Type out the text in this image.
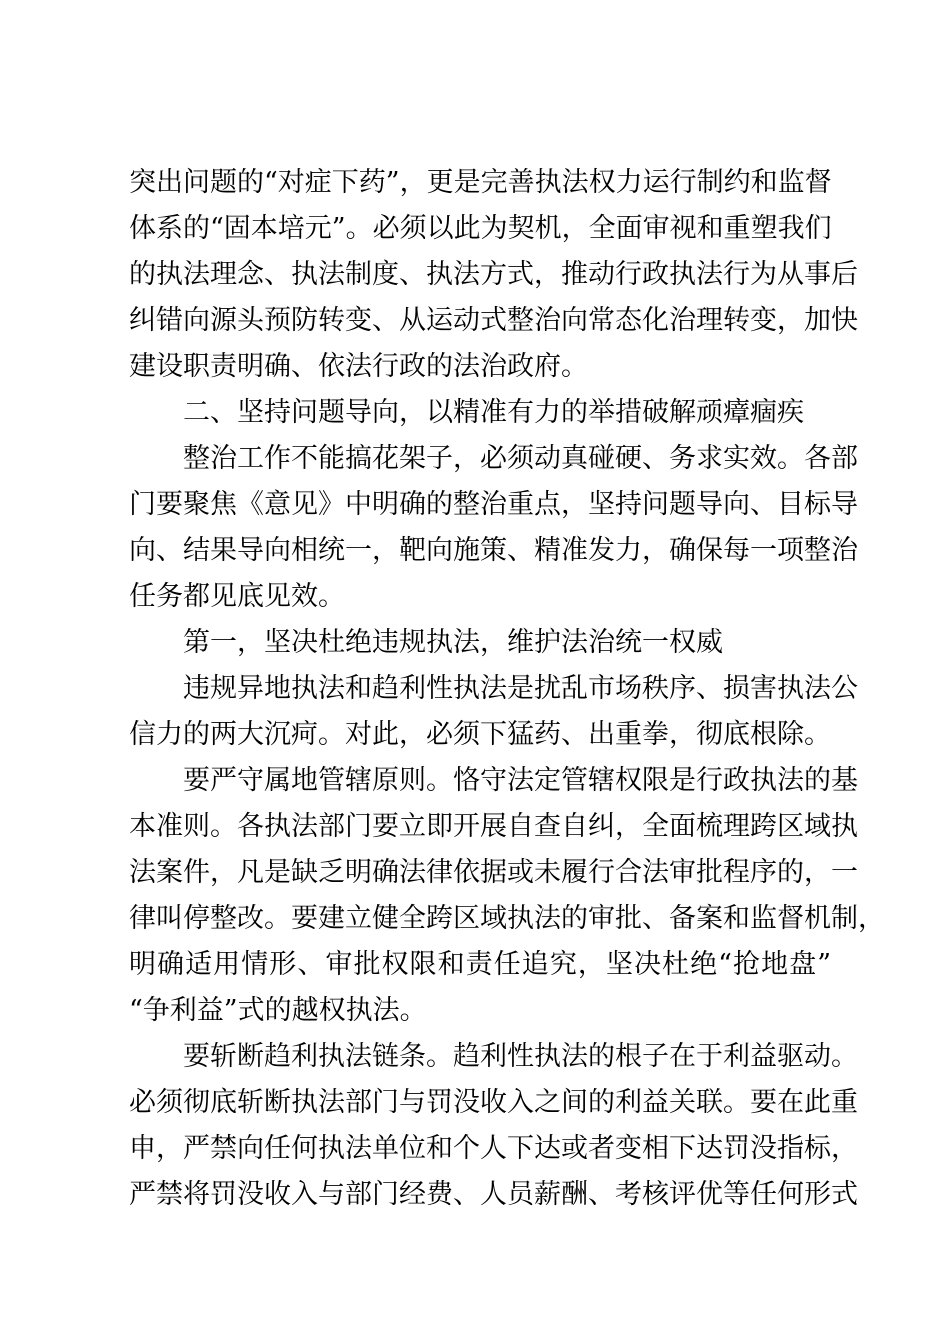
突出问题的“对症下药”，更是完善执法权力运行制约和监督
体系的“固本培元”。必须以此为契机，全面审视和重塑我们
的执法理念、执法制度、执法方式，推动行政执法行为从事后
纠错向源头预防转变、从运动式整治向常态化治理转变，加快
建设职责明确、依法行政的法治政府。
二、坚持问题导向，以精准有力的举措破解顽瘴痼疾
整治工作不能搞花架子，必须动真碰硬、务求实效。各部
门要聚焦《意见》中明确的整治重点，坚持问题导向、目标导
向、结果导向相统一，靶向施策、精准发力，确保每一项整治
任务都见底见效。
第一，坚决杜绝违规执法，维护法治统一权威
违规异地执法和趋利性执法是扰乱市场秩序、损害执法公
信力的两大沉疴。对此，必须下猛药、出重拳，彻底根除。
要严守属地管辖原则。恪守法定管辖权限是行政执法的基
本准则。各执法部门要立即开展自查自纠，全面梳理跨区域执
法案件，凡是缺乏明确法律依据或未履行合法审批程序的，一
律叫停整改。要建立健全跨区域执法的审批、备案和监督机制，
明确适用情形、审批权限和责任追究，坚决杜绝“抢地盘”
“争利益”式的越权执法。
要斩断趋利执法链条。趋利性执法的根子在于利益驱动。
必须彻底斩断执法部门与罚没收入之间的利益关联。要在此重
申，严禁向任何执法单位和个人下达或者变相下达罚没指标，
严禁将罚没收入与部门经费、人员薪酬、考核评优等任何形式
